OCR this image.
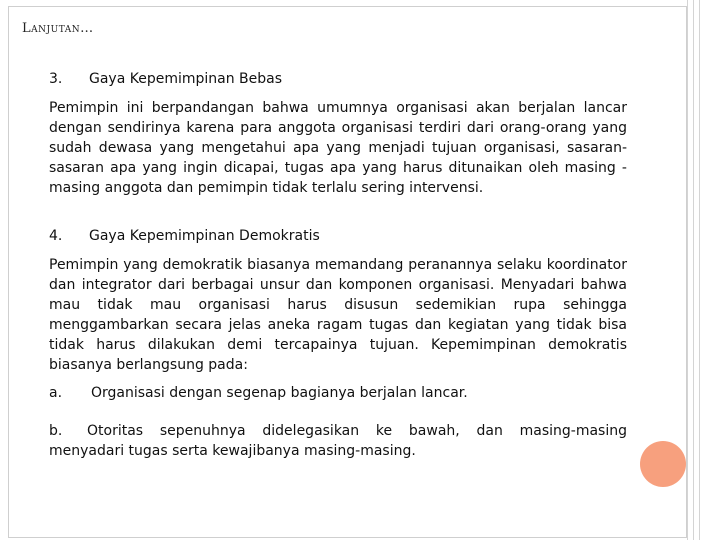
Lanjutan…

3. Gaya Kepemimpinan Bebas

Pemimpin ini berpandangan bahwa umumnya organisasi akan berjalan lancar dengan sendirinya karena para anggota organisasi terdiri dari orang-orang yang sudah dewasa yang mengetahui apa yang menjadi tujuan organisasi, sasaran-sasaran apa yang ingin dicapai, tugas apa yang harus ditunaikan oleh masing -masing anggota dan pemimpin tidak terlalu sering intervensi.

4. Gaya Kepemimpinan Demokratis

Pemimpin yang demokratik biasanya memandang peranannya selaku koordinator dan integrator dari berbagai unsur dan komponen organisasi. Menyadari bahwa mau tidak mau organisasi harus disusun sedemikian rupa sehingga menggambarkan secara jelas aneka ragam tugas dan kegiatan yang tidak bisa tidak harus dilakukan demi tercapainya tujuan. Kepemimpinan demokratis biasanya berlangsung pada:

a. Organisasi dengan segenap bagianya berjalan lancar.

b. Otoritas sepenuhnya didelegasikan ke bawah, dan masing-masing menyadari tugas serta kewajibanya masing-masing.
